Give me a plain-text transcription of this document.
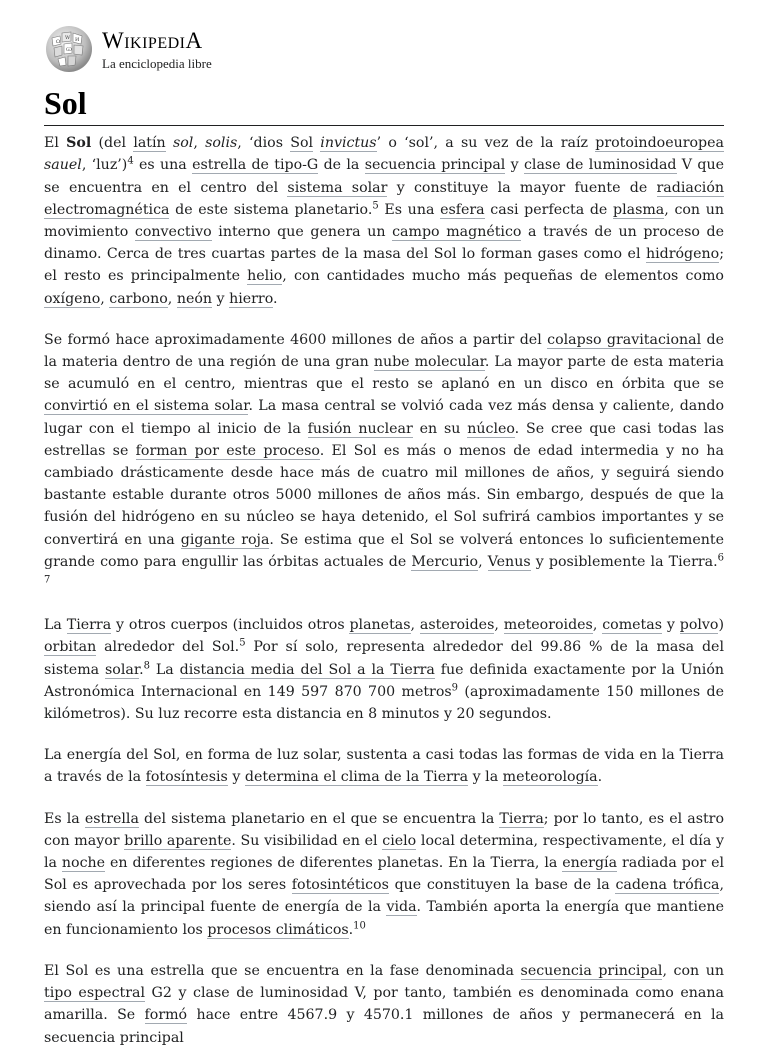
Ω
W И
Ѡ WikipediA
La enciclopedia libre
Sol

El Sol (del latín sol, solis, ‘dios Sol invictus’ o ‘sol’, a su vez de la raíz protoindoeuropea sauel, ‘luz’)$^4$ es una estrella de tipo-G de la secuencia principal y clase de luminosidad V que se encuentra en el centro del sistema solar y constituye la mayor fuente de radiación electromagnética de este sistema planetario.$^5$ Es una esfera casi perfecta de plasma, con un movimiento convectivo interno que genera un campo magnético a través de un proceso de dinamo. Cerca de tres cuartas partes de la masa del Sol lo forman gases como el hidrógeno; el resto es principalmente helio, con cantidades mucho más pequeñas de elementos como oxígeno, carbono, neón y hierro.

Se formó hace aproximadamente 4600 millones de años a partir del colapso gravitacional de la materia dentro de una región de una gran nube molecular. La mayor parte de esta materia se acumuló en el centro, mientras que el resto se aplanó en un disco en órbita que se convirtió en el sistema solar. La masa central se volvió cada vez más densa y caliente, dando lugar con el tiempo al inicio de la fusión nuclear en su núcleo. Se cree que casi todas las estrellas se forman por este proceso. El Sol es más o menos de edad intermedia y no ha cambiado drásticamente desde hace más de cuatro mil millones de años, y seguirá siendo bastante estable durante otros 5000 millones de años más. Sin embargo, después de que la fusión del hidrógeno en su núcleo se haya detenido, el Sol sufrirá cambios importantes y se convertirá en una gigante roja. Se estima que el Sol se volverá entonces lo suficientemente grande como para engullir las órbitas actuales de Mercurio, Venus y posiblemente la Tierra.$^6$ $^7$

La Tierra y otros cuerpos (incluidos otros planetas, asteroides, meteoroides, cometas y polvo) orbitan alrededor del Sol.$^5$ Por sí solo, representa alrededor del 99.86 % de la masa del sistema solar.$^8$ La distancia media del Sol a la Tierra fue definida exactamente por la Unión Astronómica Internacional en 149 597 870 700 metros$^9$ (aproximadamente 150 millones de kilómetros). Su luz recorre esta distancia en 8 minutos y 20 segundos.

La energía del Sol, en forma de luz solar, sustenta a casi todas las formas de vida en la Tierra a través de la fotosíntesis y determina el clima de la Tierra y la meteorología.

Es la estrella del sistema planetario en el que se encuentra la Tierra; por lo tanto, es el astro con mayor brillo aparente. Su visibilidad en el cielo local determina, respectivamente, el día y la noche en diferentes regiones de diferentes planetas. En la Tierra, la energía radiada por el Sol es aprovechada por los seres fotosintéticos que constituyen la base de la cadena trófica, siendo así la principal fuente de energía de la vida. También aporta la energía que mantiene en funcionamiento los procesos climáticos.$^{10}$

El Sol es una estrella que se encuentra en la fase denominada secuencia principal, con un tipo espectral G2 y clase de luminosidad V, por tanto, también es denominada como enana amarilla. Se formó hace entre 4567.9 y 4570.1 millones de años y permanecerá en la secuencia principal
